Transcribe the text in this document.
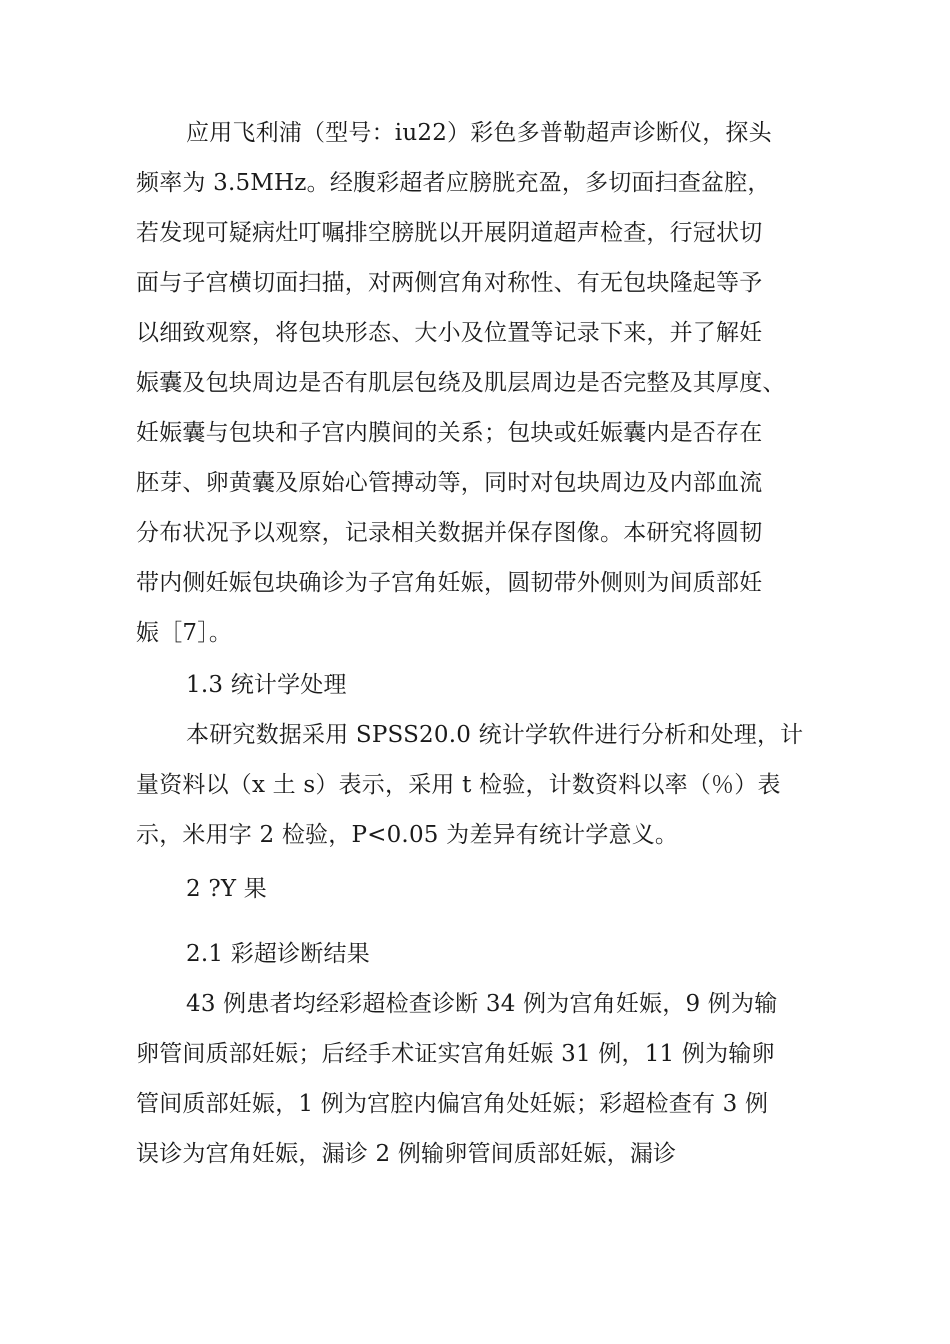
应用飞利浦（型号：iu22）彩色多普勒超声诊断仪，探头
频率为 3.5MHz。经腹彩超者应膀胱充盈，多切面扫查盆腔，
若发现可疑病灶叮嘱排空膀胱以开展阴道超声检查，行冠状切
面与子宫横切面扫描，对两侧宫角对称性、有无包块隆起等予
以细致观察，将包块形态、大小及位置等记录下来，并了解妊
娠囊及包块周边是否有肌层包绕及肌层周边是否完整及其厚度、
妊娠囊与包块和子宫内膜间的关系；包块或妊娠囊内是否存在
胚芽、卵黄囊及原始心管搏动等，同时对包块周边及内部血流
分布状况予以观察，记录相关数据并保存图像。本研究将圆韧
带内侧妊娠包块确诊为子宫角妊娠，圆韧带外侧则为间质部妊
娠［7］。
1.3 统计学处理
本研究数据采用 SPSS20.0 统计学软件进行分析和处理，计
量资料以（x 土 s）表示，采用 t 检验，计数资料以率（％）表
示，米用字 2 检验，P<0.05 为差异有统计学意义。
2 ?Y 果
2.1 彩超诊断结果
43 例患者均经彩超检查诊断 34 例为宫角妊娠，9 例为输
卵管间质部妊娠；后经手术证实宫角妊娠 31 例，11 例为输卵
管间质部妊娠，1 例为宫腔内偏宫角处妊娠；彩超检查有 3 例
误诊为宫角妊娠，漏诊 2 例输卵管间质部妊娠，漏诊
